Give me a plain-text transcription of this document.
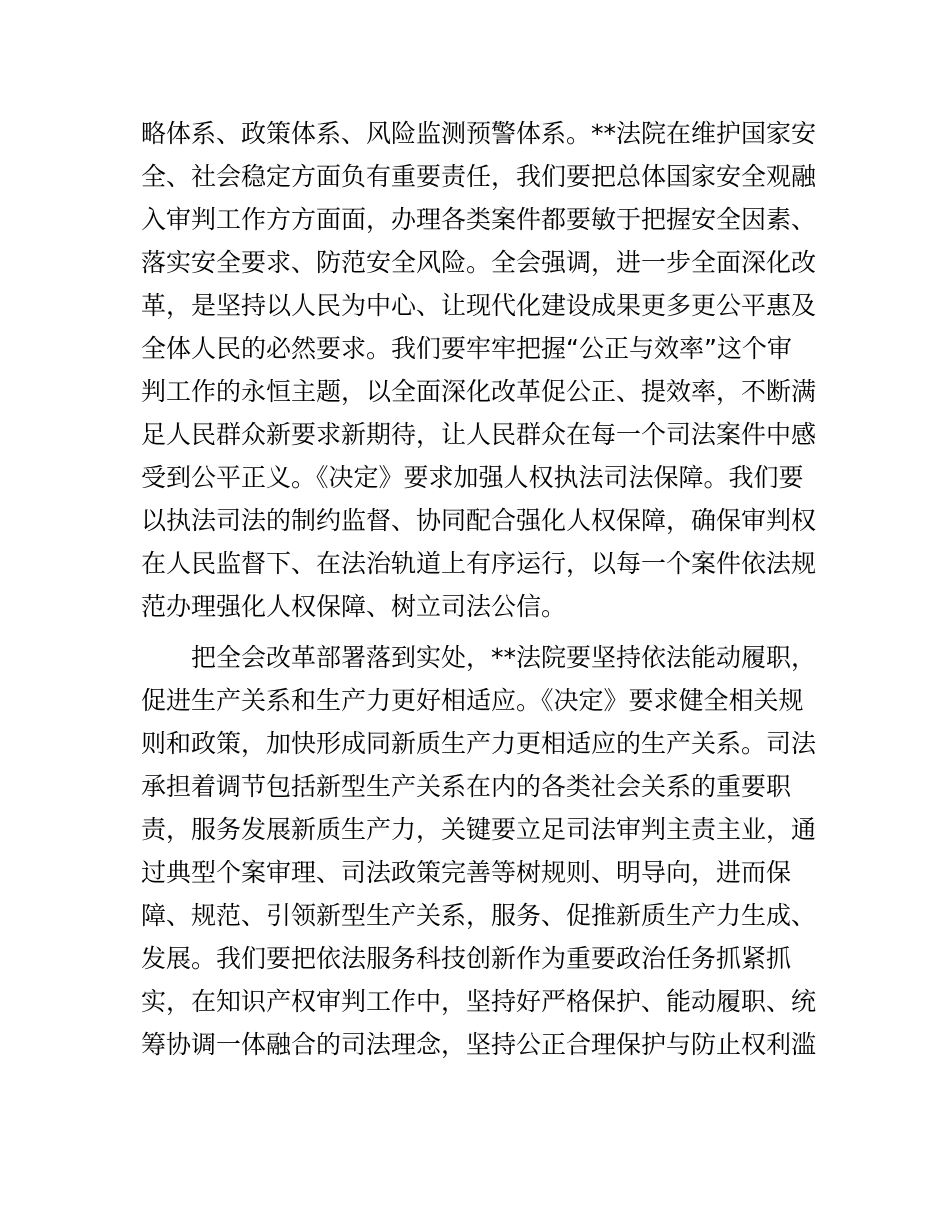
略体系、政策体系、风险监测预警体系。**法院在维护国家安
全、社会稳定方面负有重要责任，我们要把总体国家安全观融
入审判工作方方面面，办理各类案件都要敏于把握安全因素、
落实安全要求、防范安全风险。全会强调，进一步全面深化改
革，是坚持以人民为中心、让现代化建设成果更多更公平惠及
全体人民的必然要求。我们要牢牢把握“公正与效率”这个审
判工作的永恒主题，以全面深化改革促公正、提效率，不断满
足人民群众新要求新期待，让人民群众在每一个司法案件中感
受到公平正义。《决定》要求加强人权执法司法保障。我们要
以执法司法的制约监督、协同配合强化人权保障，确保审判权
在人民监督下、在法治轨道上有序运行，以每一个案件依法规
范办理强化人权保障、树立司法公信。
把全会改革部署落到实处，**法院要坚持依法能动履职，
促进生产关系和生产力更好相适应。《决定》要求健全相关规
则和政策，加快形成同新质生产力更相适应的生产关系。司法
承担着调节包括新型生产关系在内的各类社会关系的重要职
责，服务发展新质生产力，关键要立足司法审判主责主业，通
过典型个案审理、司法政策完善等树规则、明导向，进而保
障、规范、引领新型生产关系，服务、促推新质生产力生成、
发展。我们要把依法服务科技创新作为重要政治任务抓紧抓
实，在知识产权审判工作中，坚持好严格保护、能动履职、统
筹协调一体融合的司法理念，坚持公正合理保护与防止权利滥
